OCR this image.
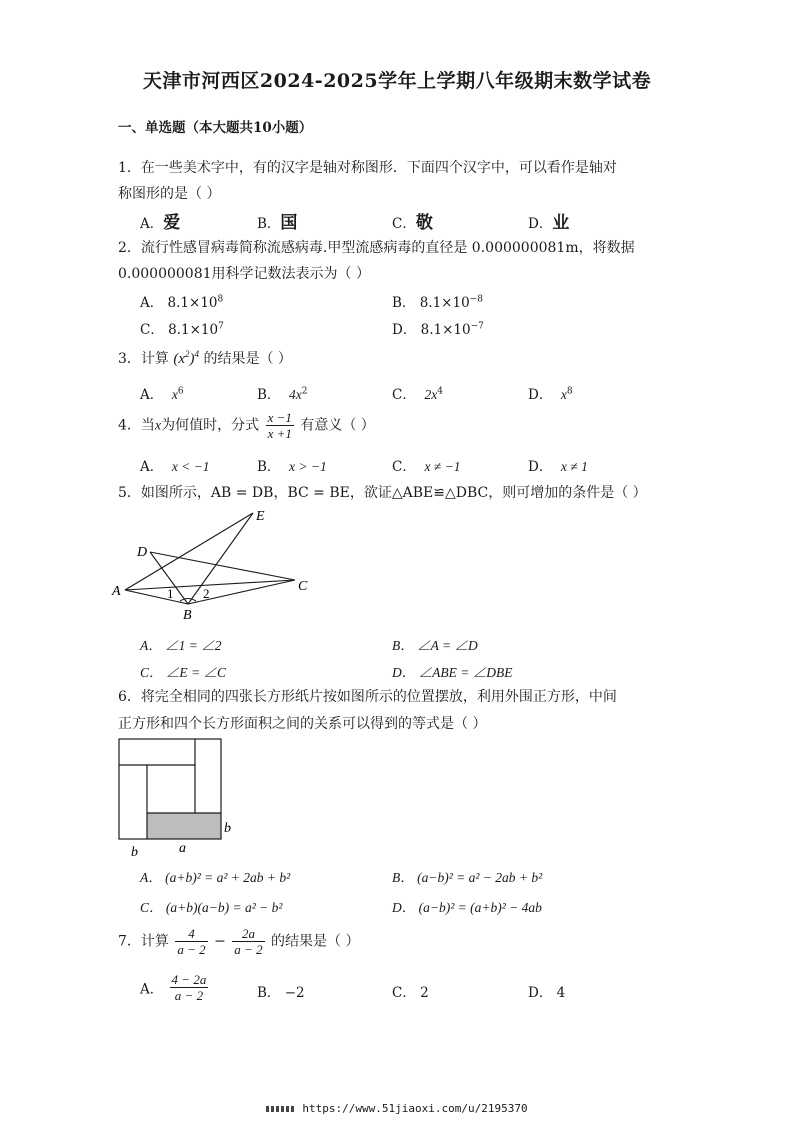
天津市河西区2024-2025学年上学期八年级期末数学试卷
一、单选题（本大题共10小题）
1．在一些美术字中，有的汉字是轴对称图形．下面四个汉字中，可以看作是轴对
称图形的是（ ）
A．爱	B．国	C．敬	D．业
2．流行性感冒病毒简称流感病毒.甲型流感病毒的直径是 0.000000081m，将数据
0.000000081用科学记数法表示为（ ）
A． $8.1\times 10^8$	B． $8.1\times 10^{-8}$
C． $8.1\times 10^7$	D． $8.1\times 10^{-7}$
3．计算 $(x^2)^4$ 的结果是（ ）
A． $x^6$	B． $4x^2$	C． $2x^4$	D． $x^8$
4．当x为何值时，分式 $\frac{x -1}{x +1}$ 有意义（ ）
A． x < −1	B． x > −1	C． x ≠ −1	D． x ≠ 1
5．如图所示，AB = DB，BC = BE，欲证△ABE≌△DBC，则可增加的条件是（ ）
E
D
A	C
B
1 2
A． ∠1 = ∠2	B． ∠A = ∠D
C． ∠E = ∠C	D． ∠ABE = ∠DBE
6．将完全相同的四张长方形纸片按如图所示的位置摆放，利用外围正方形，中间
正方形和四个长方形面积之间的关系可以得到的等式是（ ）
a
b
b
A． (a+b)² = a² + 2ab + b²	B． (a−b)² = a² − 2ab + b²
C． (a+b)(a−b) = a² − b²	D． (a−b)² = (a+b)² − 4ab
7．计算 $\frac{4}{a - 2} - \frac{2a}{a - 2}$ 的结果是（ ）
A． $\frac{4 - 2a}{a - 2}$	B． −2	C． 2	D． 4
https://www.51jiaoxi.com/u/2195370
